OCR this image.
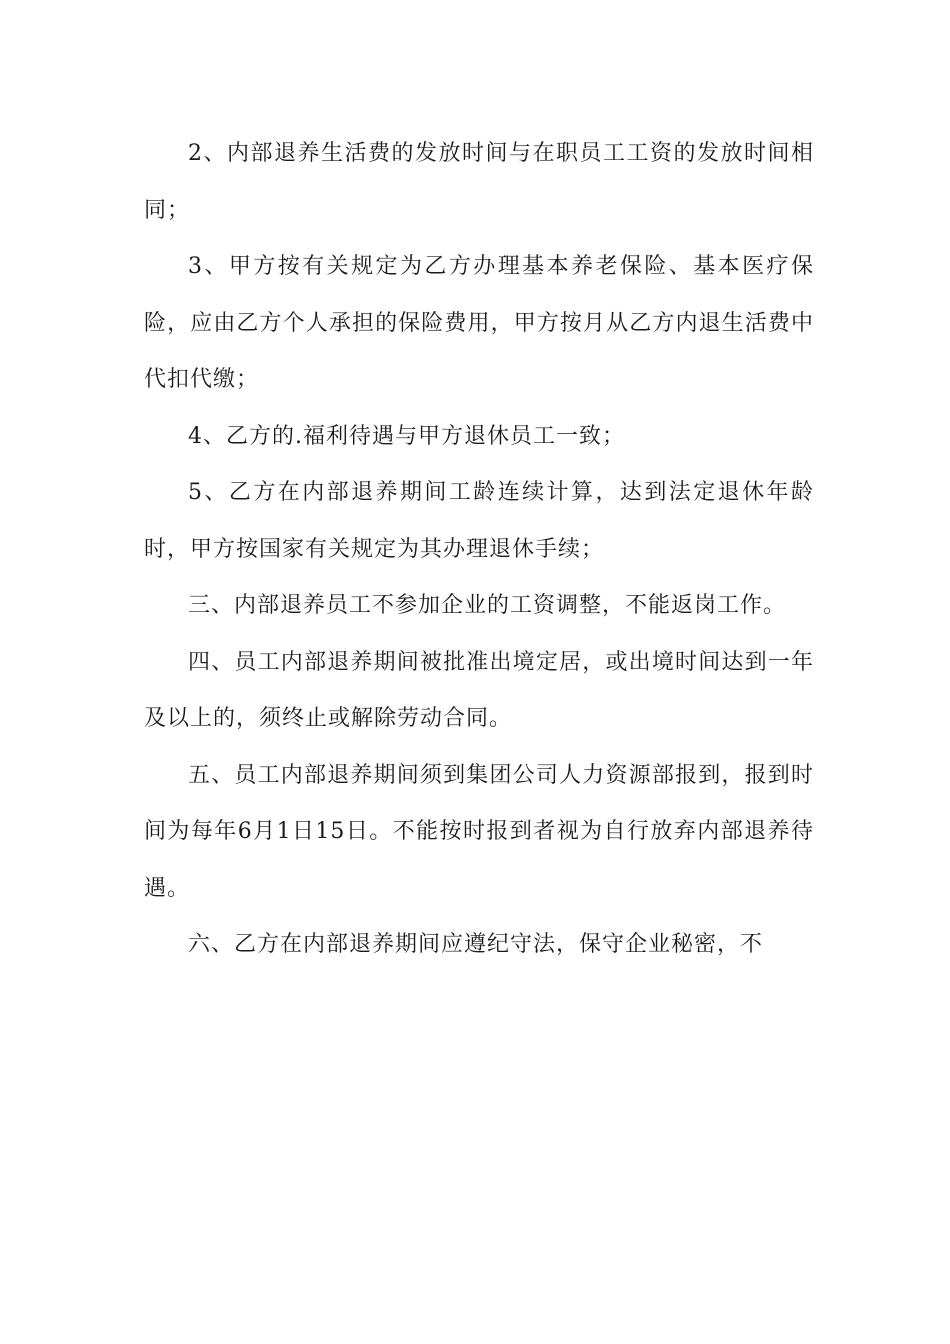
2、内部退养生活费的发放时间与在职员工工资的发放时间相同；

3、甲方按有关规定为乙方办理基本养老保险、基本医疗保险，应由乙方个人承担的保险费用，甲方按月从乙方内退生活费中代扣代缴；

4、乙方的.福利待遇与甲方退休员工一致；

5、乙方在内部退养期间工龄连续计算，达到法定退休年龄时，甲方按国家有关规定为其办理退休手续；

三、内部退养员工不参加企业的工资调整，不能返岗工作。

四、员工内部退养期间被批准出境定居，或出境时间达到一年及以上的，须终止或解除劳动合同。

五、员工内部退养期间须到集团公司人力资源部报到，报到时间为每年6月1日15日。不能按时报到者视为自行放弃内部退养待遇。

六、乙方在内部退养期间应遵纪守法，保守企业秘密，不
